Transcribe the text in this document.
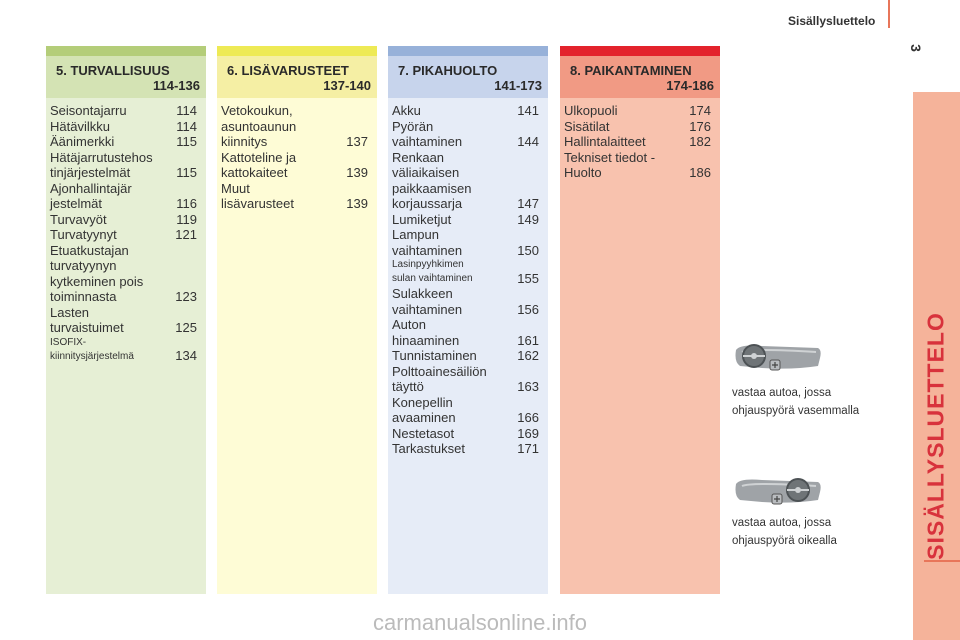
Sisällysluettelo
3
SISÄLLYSLUETTELO
5. TURVALLISUUS
114-136
Seisontajarru	114
Hätävilkku	114
Äänimerkki	115
Hätäjarrutustehos
tinjärjestelmät	115
Ajonhallintajär
jestelmät	116
Turvavyöt	119
Turvatyynyt	121
Etuatkustajan
turvatyynyn
kytkeminen pois
toiminnasta	123
Lasten
turvaistuimet	125
ISOFIX-
kiinnitysjärjestelmä	134
6. LISÄVARUSTEET
137-140
Vetokoukun,
asuntoaunun
kiinnitys	137
Kattoteline ja
kattokaiteet	139
Muut
lisävarusteet	139
7. PIKAHUOLTO
141-173
Akku	141
Pyörän
vaihtaminen	144
Renkaan väliaikaisen
paikkaamisen
korjaussarja	147
Lumiketjut	149
Lampun
vaihtaminen	150
Lasinpyyhkimen
sulan vaihtaminen	155
Sulakkeen
vaihtaminen	156
Auton
hinaaminen	161
Tunnistaminen	162
Polttoainesäiliön
täyttö	163
Konepellin
avaaminen	166
Nestetasot	169
Tarkastukset	171
8. PAIKANTAMINEN
174-186
Ulkopuoli	174
Sisätilat	176
Hallintalaitteet	182
Tekniset tiedot -
Huolto	186
vastaa autoa, jossa
ohjauspyörä vasemmalla
vastaa autoa, jossa
ohjauspyörä oikealla
carmanualsonline.info
